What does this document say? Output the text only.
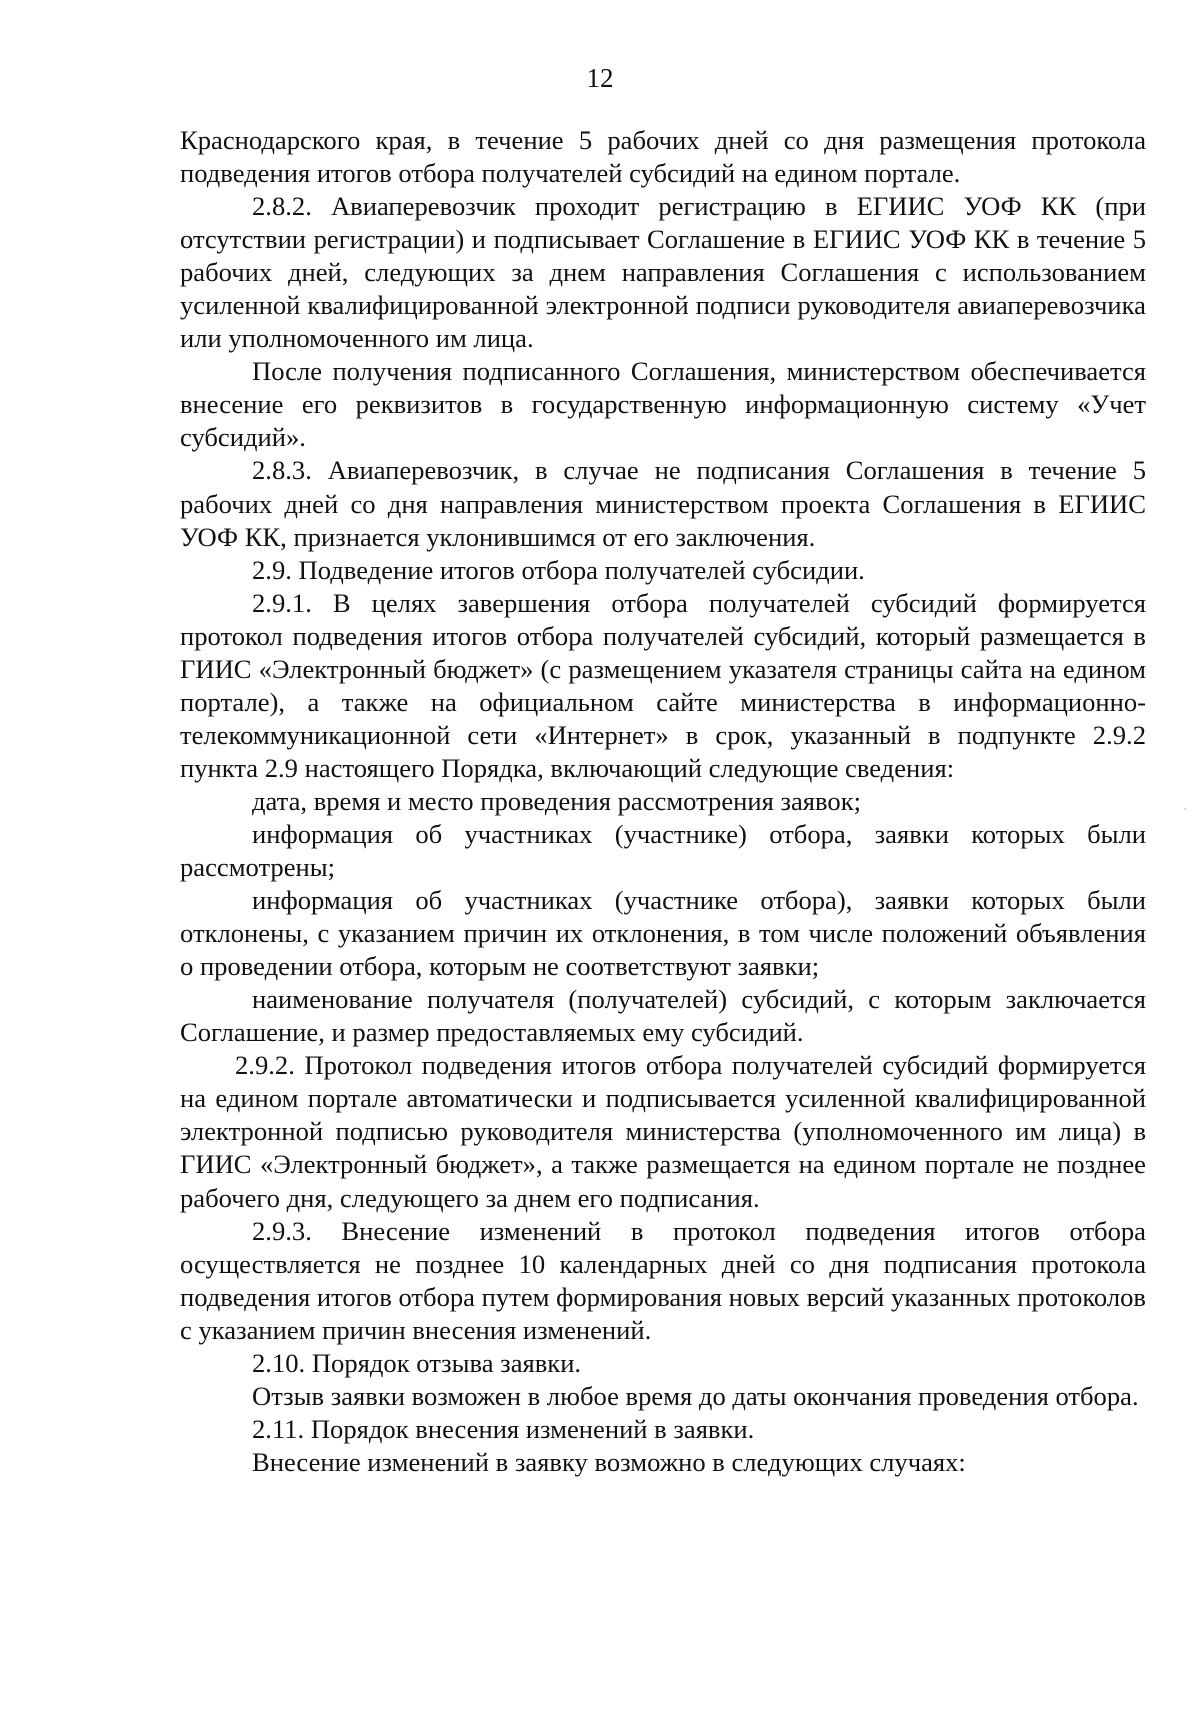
12

Краснодарского края, в течение 5 рабочих дней со дня размещения протокола подведения итогов отбора получателей субсидий на едином портале.

2.8.2. Авиаперевозчик проходит регистрацию в ЕГИИС УОФ КК (при отсутствии регистрации) и подписывает Соглашение в ЕГИИС УОФ КК в течение 5 рабочих дней, следующих за днем направления Соглашения с использованием усиленной квалифицированной электронной подписи руководителя авиаперевозчика или уполномоченного им лица.

После получения подписанного Соглашения, министерством обеспечивается внесение его реквизитов в государственную информационную систему «Учет субсидий».

2.8.3. Авиаперевозчик, в случае не подписания Соглашения в течение 5 рабочих дней со дня направления министерством проекта Соглашения в ЕГИИС УОФ КК, признается уклонившимся от его заключения.

2.9. Подведение итогов отбора получателей субсидии.

2.9.1. В целях завершения отбора получателей субсидий формируется протокол подведения итогов отбора получателей субсидий, который размещается в ГИИС «Электронный бюджет» (с размещением указателя страницы сайта на едином портале), а также на официальном сайте министерства в информационно-телекоммуникационной сети «Интернет» в срок, указанный в подпункте 2.9.2 пункта 2.9 настоящего Порядка, включающий следующие сведения:

дата, время и место проведения рассмотрения заявок;

информация об участниках (участнике) отбора, заявки которых были рассмотрены;

информация об участниках (участнике отбора), заявки которых были отклонены, с указанием причин их отклонения, в том числе положений объявления о проведении отбора, которым не соответствуют заявки;

наименование получателя (получателей) субсидий, с которым заключается Соглашение, и размер предоставляемых ему субсидий.

2.9.2. Протокол подведения итогов отбора получателей субсидий формируется на едином портале автоматически и подписывается усиленной квалифицированной электронной подписью руководителя министерства (уполномоченного им лица) в ГИИС «Электронный бюджет», а также размещается на едином портале не позднее рабочего дня, следующего за днем его подписания.

2.9.3. Внесение изменений в протокол подведения итогов отбора осуществляется не позднее 10 календарных дней со дня подписания протокола подведения итогов отбора путем формирования новых версий указанных протоколов с указанием причин внесения изменений.

2.10. Порядок отзыва заявки.

Отзыв заявки возможен в любое время до даты окончания проведения отбора.

2.11. Порядок внесения изменений в заявки.

Внесение изменений в заявку возможно в следующих случаях:
